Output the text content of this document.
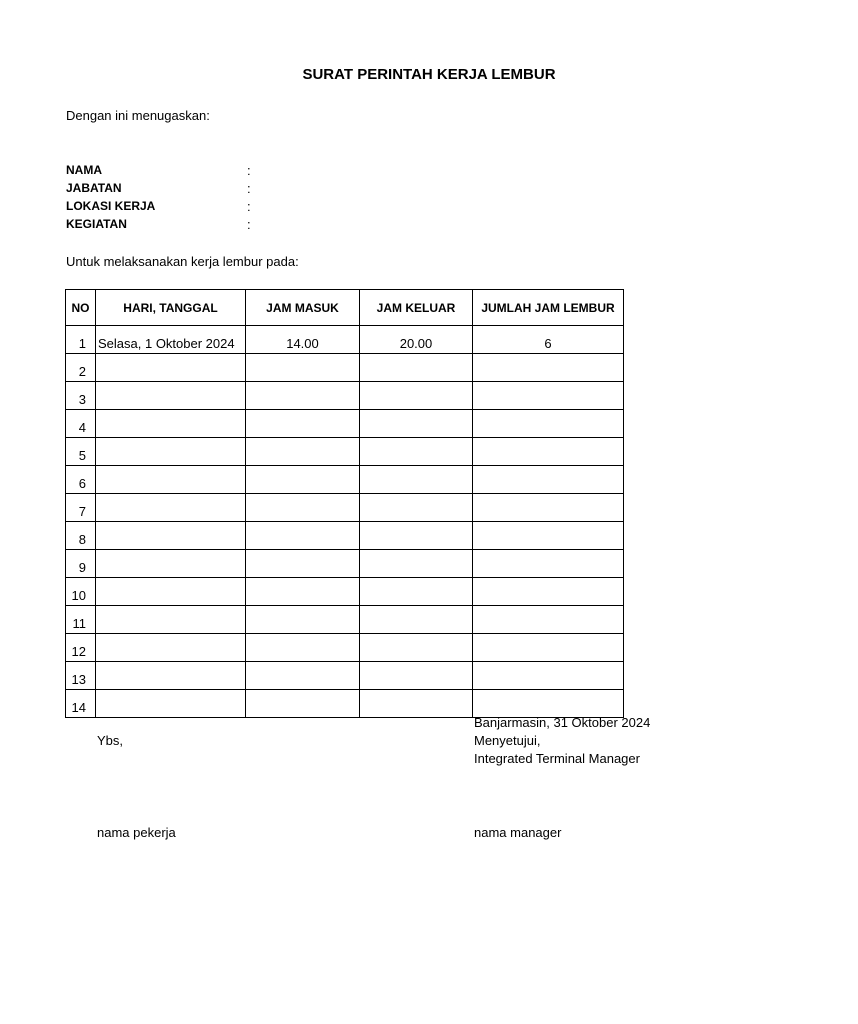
SURAT PERINTAH KERJA LEMBUR
Dengan ini menugaskan:
NAMA	:
JABATAN	:
LOKASI KERJA	:
KEGIATAN	:
Untuk melaksanakan kerja lembur pada:
NO	HARI, TANGGAL	JAM MASUK	JAM KELUAR	JUMLAH JAM LEMBUR
1	Selasa, 1 Oktober 2024	14.00	20.00	6
2				
3				
4				
5				
6				
7				
8				
9				
10				
11				
12				
13				
14				
Banjarmasin, 31 Oktober 2024
Ybs,	Menyetujui,
Integrated Terminal Manager
nama pekerja	nama manager
